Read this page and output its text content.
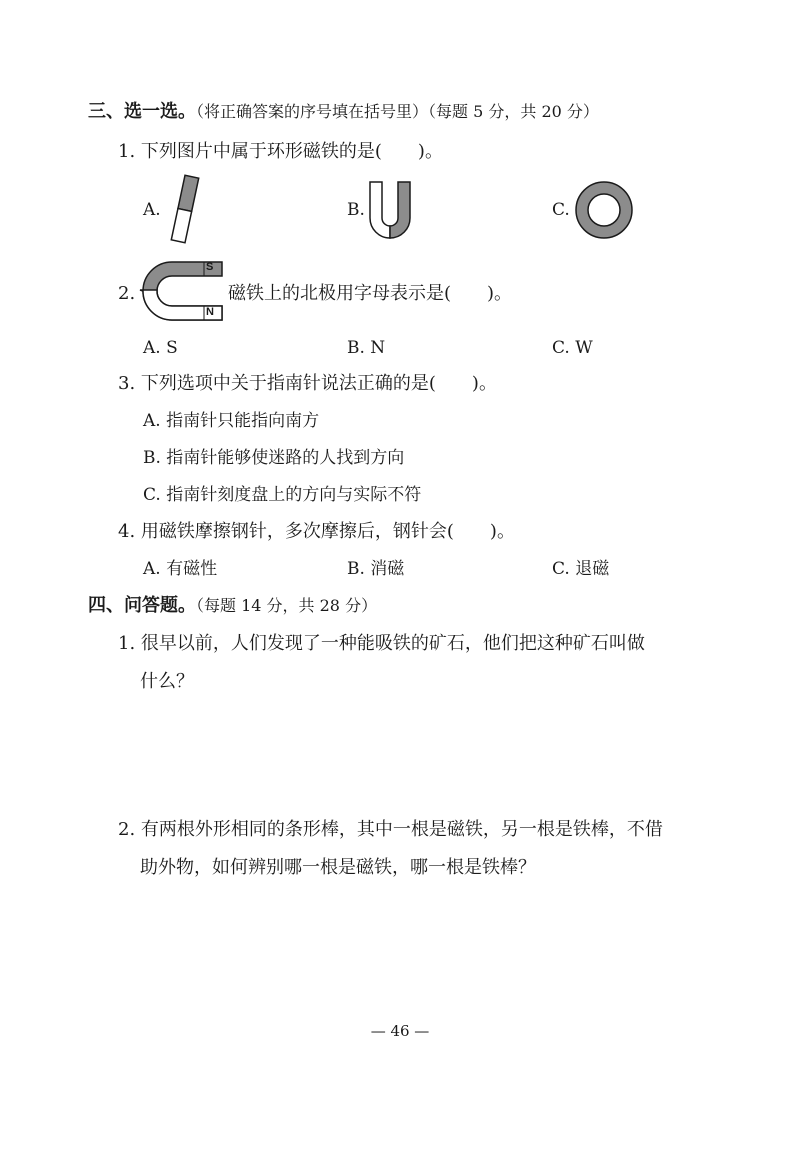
三、选一选。（将正确答案的序号填在括号里）（每题 5 分，共 20 分）
1. 下列图片中属于环形磁铁的是(　　)。
A.	B.	C.
2.
S
N
磁铁上的北极用字母表示是(　　)。
A. S	B. N	C. W
3. 下列选项中关于指南针说法正确的是(　　)。
A. 指南针只能指向南方
B. 指南针能够使迷路的人找到方向
C. 指南针刻度盘上的方向与实际不符
4. 用磁铁摩擦钢针，多次摩擦后，钢针会(　　)。
A. 有磁性	B. 消磁	C. 退磁
四、问答题。（每题 14 分，共 28 分）
1. 很早以前，人们发现了一种能吸铁的矿石，他们把这种矿石叫做
什么？
2. 有两根外形相同的条形棒，其中一根是磁铁，另一根是铁棒，不借
助外物，如何辨别哪一根是磁铁，哪一根是铁棒？
— 46 —
